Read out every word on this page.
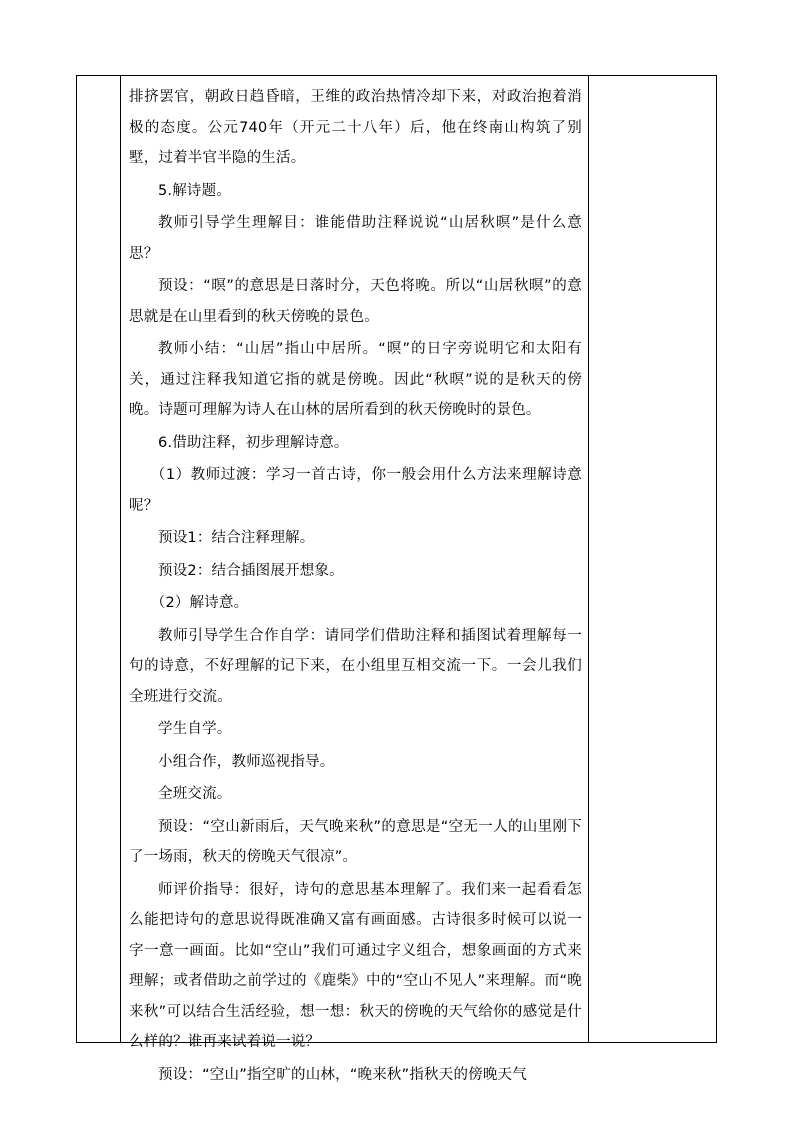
排挤罢官，朝政日趋昏暗，王维的政治热情冷却下来，对政治抱着消极的态度。公元740年（开元二十八年）后，他在终南山构筑了别墅，过着半官半隐的生活。

5.解诗题。

教师引导学生理解目：谁能借助注释说说“山居秋暝”是什么意思？

预设：“暝”的意思是日落时分，天色将晚。所以“山居秋暝”的意思就是在山里看到的秋天傍晚的景色。

教师小结：“山居”指山中居所。“暝”的日字旁说明它和太阳有关，通过注释我知道它指的就是傍晚。因此“秋暝”说的是秋天的傍晚。诗题可理解为诗人在山林的居所看到的秋天傍晚时的景色。

6.借助注释，初步理解诗意。

（1）教师过渡：学习一首古诗，你一般会用什么方法来理解诗意呢？

预设1：结合注释理解。

预设2：结合插图展开想象。

（2）解诗意。

教师引导学生合作自学：请同学们借助注释和插图试着理解每一句的诗意，不好理解的记下来，在小组里互相交流一下。一会儿我们全班进行交流。

学生自学。

小组合作，教师巡视指导。

全班交流。

预设：“空山新雨后，天气晚来秋”的意思是“空无一人的山里刚下了一场雨，秋天的傍晚天气很凉”。

师评价指导：很好，诗句的意思基本理解了。我们来一起看看怎么能把诗句的意思说得既准确又富有画面感。古诗很多时候可以说一字一意一画面。比如“空山”我们可通过字义组合，想象画面的方式来理解；或者借助之前学过的《鹿柴》中的“空山不见人”来理解。而“晚来秋”可以结合生活经验，想一想：秋天的傍晚的天气给你的感觉是什么样的？谁再来试着说一说？

预设：“空山”指空旷的山林，“晚来秋”指秋天的傍晚天气
